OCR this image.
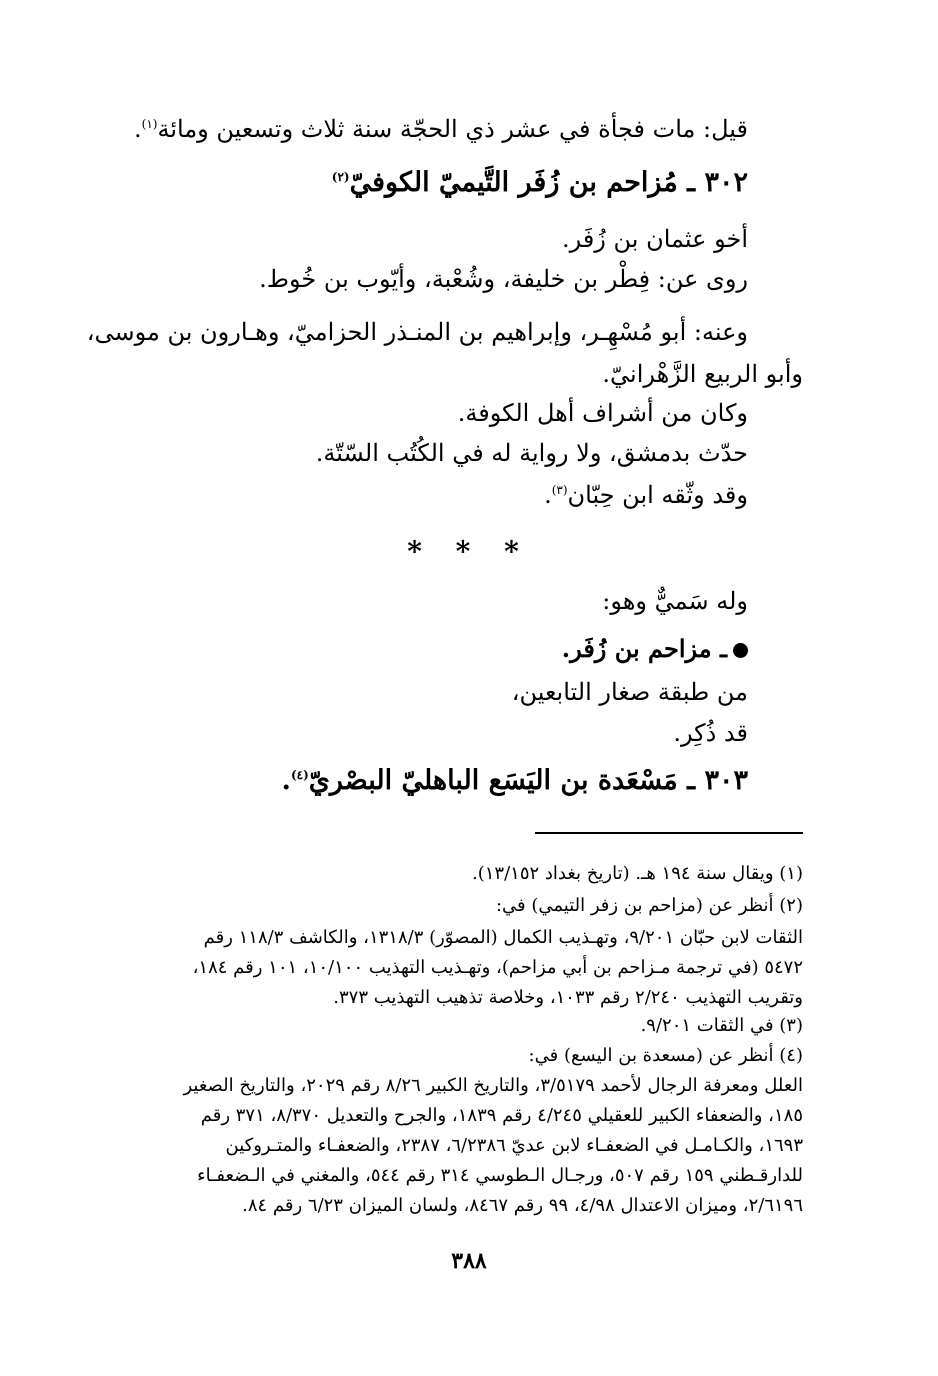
قيل: مات فجأة في عشر ذي الحجّة سنة ثلاث وتسعين ومائة$^{(١)}$.
٣٠٢ ـ مُزاحم بن زُفَر التَّيميّ الكوفيّ$^{(٢)}$
أخو عثمان بن زُفَر.
روى عن: فِطْر بن خليفة، وشُعْبة، وأيّوب بن خُوط.
وعنه: أبو مُسْهِـر، وإبراهيم بن المنـذر الحزاميّ، وهـارون بن موسى،
وأبو الربيع الزَّهْرانيّ.
وكان من أشراف أهل الكوفة.
حدّث بدمشق، ولا رواية له في الكُتُب السّتّة.
وقد وثّقه ابن حِبّان$^{(٣)}$.
* * *
وله سَميٌّ وهو:
ـ مزاحم بن زُفَر.
من طبقة صغار التابعين،
قد ذُكِر.
٣٠٣ ـ مَسْعَدة بن اليَسَع الباهليّ البصْريّ$^{(٤)}$.
(١) ويقال سنة ١٩٤ هـ. (تاريخ بغداد ١٣/١٥٢).
(٢) أنظر عن (مزاحم بن زفر التيمي) في:
الثقات لابن حبّان ٩/٢٠١، وتهـذيب الكمال (المصوّر) ١٣١٨/٣، والكاشف ١١٨/٣ رقم
٥٤٧٢ (في ترجمة مـزاحم بن أبي مزاحم)، وتهـذيب التهذيب ١٠/١٠٠، ١٠١ رقم ١٨٤،
وتقريب التهذيب ٢/٢٤٠ رقم ١٠٣٣، وخلاصة تذهيب التهذيب ٣٧٣.
(٣) في الثقات ٩/٢٠١.
(٤) أنظر عن (مسعدة بن اليسع) في:
العلل ومعرفة الرجال لأحمد ٣/٥١٧٩، والتاريخ الكبير ٨/٢٦ رقم ٢٠٢٩، والتاريخ الصغير
١٨٥، والضعفاء الكبير للعقيلي ٤/٢٤٥ رقم ١٨٣٩، والجرح والتعديل ٨/٣٧٠، ٣٧١ رقم
١٦٩٣، والكـامـل في الضعفـاء لابن عديّ ٦/٢٣٨٦، ٢٣٨٧، والضعفـاء والمتـروكين
للدارقـطني ١٥٩ رقم ٥٠٧، ورجـال الـطوسي ٣١٤ رقم ٥٤٤، والمغني في الـضعفـاء
٢/٦١٩٦، وميزان الاعتدال ٤/٩٨، ٩٩ رقم ٨٤٦٧، ولسان الميزان ٦/٢٣ رقم ٨٤.
٣٨٨
